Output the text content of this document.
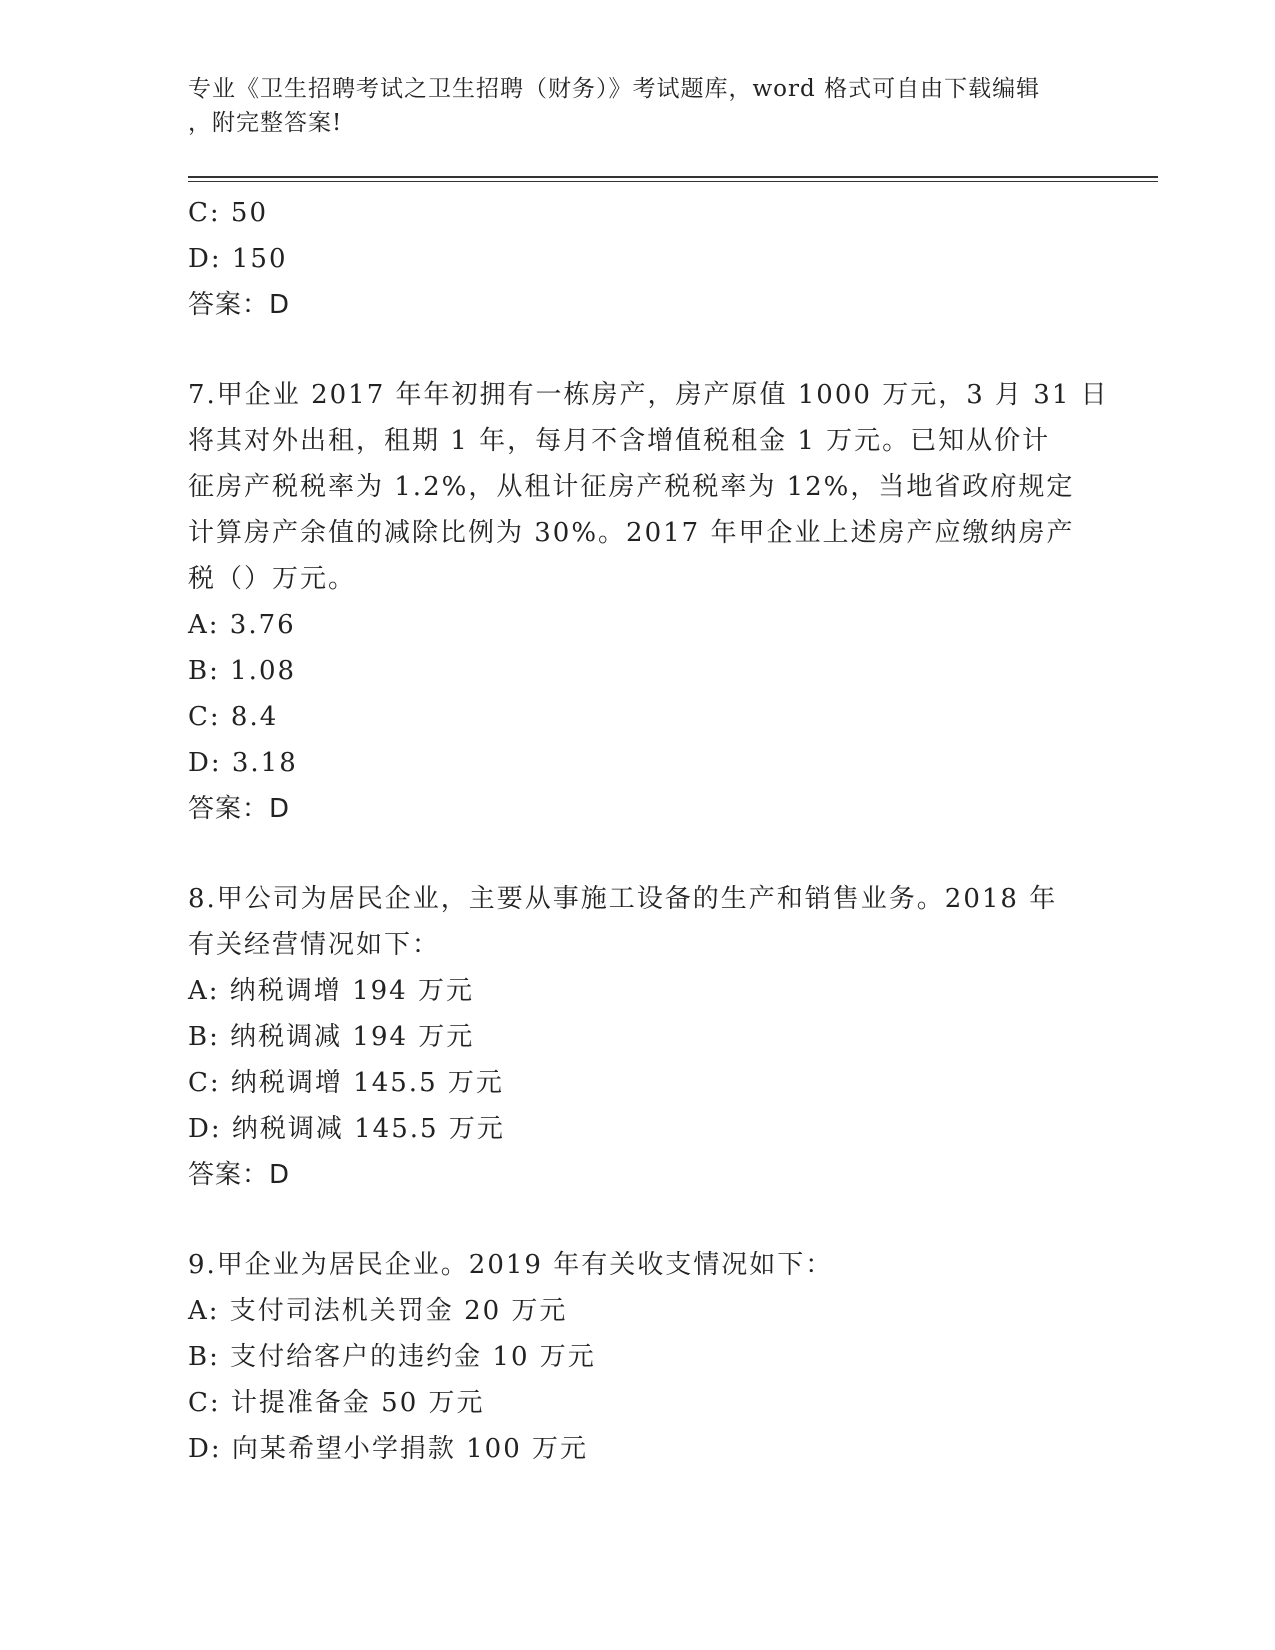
专业《卫生招聘考试之卫生招聘（财务）》考试题库，word 格式可自由下载编辑
，附完整答案!
C: 50
D: 150
答案：D
7.甲企业 2017 年年初拥有一栋房产，房产原值 1000 万元，3 月 31 日
将其对外出租，租期 1 年，每月不含增值税租金 1 万元。已知从价计
征房产税税率为 1.2%，从租计征房产税税率为 12%，当地省政府规定
计算房产余值的减除比例为 30%。2017 年甲企业上述房产应缴纳房产
税（）万元。
A: 3.76
B: 1.08
C: 8.4
D: 3.18
答案：D
8.甲公司为居民企业，主要从事施工设备的生产和销售业务。2018 年
有关经营情况如下：
A: 纳税调增 194 万元
B: 纳税调减 194 万元
C: 纳税调增 145.5 万元
D: 纳税调减 145.5 万元
答案：D
9.甲企业为居民企业。2019 年有关收支情况如下：
A: 支付司法机关罚金 20 万元
B: 支付给客户的违约金 10 万元
C: 计提准备金 50 万元
D: 向某希望小学捐款 100 万元
